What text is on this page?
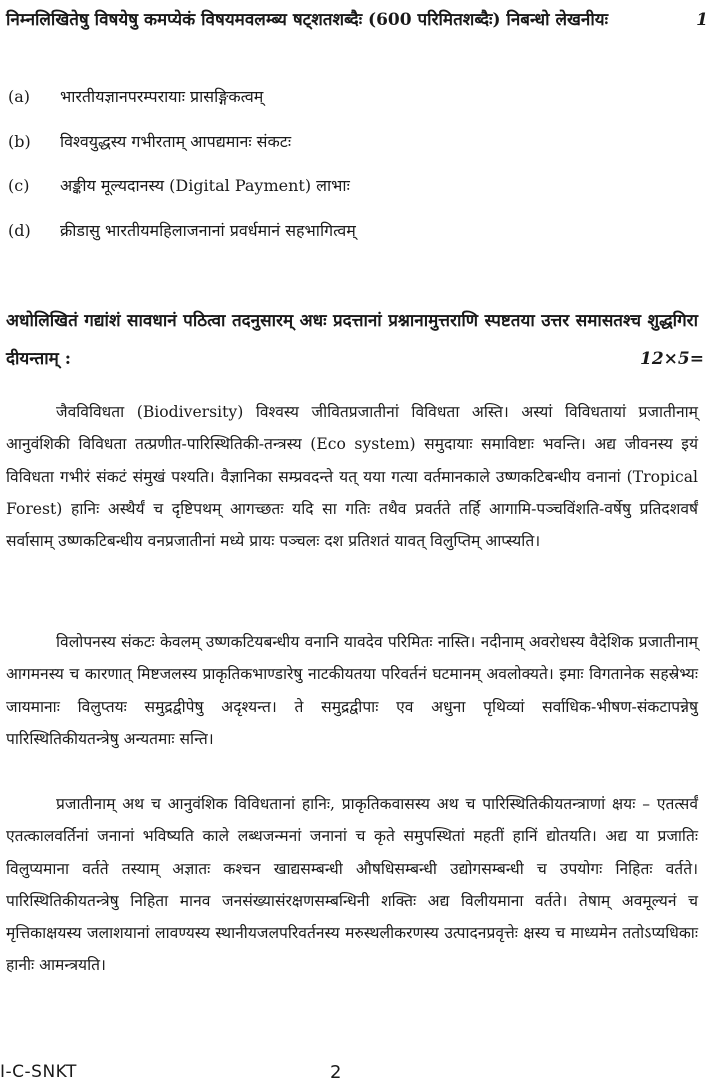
निम्नलिखितेषु विषयेषु कमप्येकं विषयमवलम्ब्य षट्शतशब्दैः (600 परिमितशब्दैः) निबन्धो लेखनीयः	1
(a) भारतीयज्ञानपरम्परायाः प्रासङ्गिकत्वम्
(b) विश्वयुद्धस्य गभीरताम् आपद्यमानः संकटः
(c) अङ्कीय मूल्यदानस्य (Digital Payment) लाभाः
(d) क्रीडासु भारतीयमहिलाजनानां प्रवर्धमानं सहभागित्वम्
अधोलिखितं गद्यांशं सावधानं पठित्वा तदनुसारम् अधः प्रदत्तानां प्रश्नानामुत्तराणि स्पष्टतया उत्तर समासतश्च शुद्धगिरा दीयन्ताम् :	12×5=
जैवविविधता (Biodiversity) विश्वस्य जीवितप्रजातीनां विविधता अस्ति। अस्यां विविधतायां प्रजातीनाम् आनुवंशिकी विविधता तत्प्रणीत-पारिस्थितिकी-तन्त्रस्य (Eco system) समुदायाः समाविष्टाः भवन्ति। अद्य जीवनस्य इयं विविधता गभीरं संकटं संमुखं पश्यति। वैज्ञानिका सम्प्रवदन्ते यत् यया गत्या वर्तमानकाले उष्णकटिबन्धीय वनानां (Tropical Forest) हानिः अस्थैर्यं च दृष्टिपथम् आगच्छतः यदि सा गतिः तथैव प्रवर्तते तर्हि आगामि-पञ्चविंशति-वर्षेषु प्रतिदशवर्षं सर्वासाम् उष्णकटिबन्धीय वनप्रजातीनां मध्ये प्रायः पञ्चलः दश प्रतिशतं यावत् विलुप्तिम् आप्स्यति।
विलोपनस्य संकटः केवलम् उष्णकटियबन्धीय वनानि यावदेव परिमितः नास्ति। नदीनाम् अवरोधस्य वैदेशिक प्रजातीनाम् आगमनस्य च कारणात् मिष्टजलस्य प्राकृतिकभाण्डारेषु नाटकीयतया परिवर्तनं घटमानम् अवलोक्यते। इमाः विगतानेक सहस्रेभ्यः जायमानाः विलुप्तयः समुद्रद्वीपेषु अदृश्यन्त। ते समुद्रद्वीपाः एव अधुना पृथिव्यां सर्वाधिक-भीषण-संकटापन्नेषु पारिस्थितिकीयतन्त्रेषु अन्यतमाः सन्ति।
प्रजातीनाम् अथ च आनुवंशिक विविधतानां हानिः, प्राकृतिकवासस्य अथ च पारिस्थितिकीयतन्त्राणां क्षयः – एतत्सर्वं एतत्कालवर्तिनां जनानां भविष्यति काले लब्धजन्मनां जनानां च कृते समुपस्थितां महतीं हानिं द्योतयति। अद्य या प्रजातिः विलुप्यमाना वर्तते तस्याम् अज्ञातः कश्चन खाद्यसम्बन्धी औषधिसम्बन्धी उद्योगसम्बन्धी च उपयोगः निहितः वर्तते। पारिस्थितिकीयतन्त्रेषु निहिता मानव जनसंख्यासंरक्षणसम्बन्धिनी शक्तिः अद्य विलीयमाना वर्तते। तेषाम् अवमूल्यनं च मृत्तिकाक्षयस्य जलाशयानां लावण्यस्य स्थानीयजलपरिवर्तनस्य मरुस्थलीकरणस्य उत्पादनप्रवृत्तेः क्षस्य च माध्यमेन ततोऽप्यधिकाः हानीः आमन्त्रयति।
I-C-SNKT	2
